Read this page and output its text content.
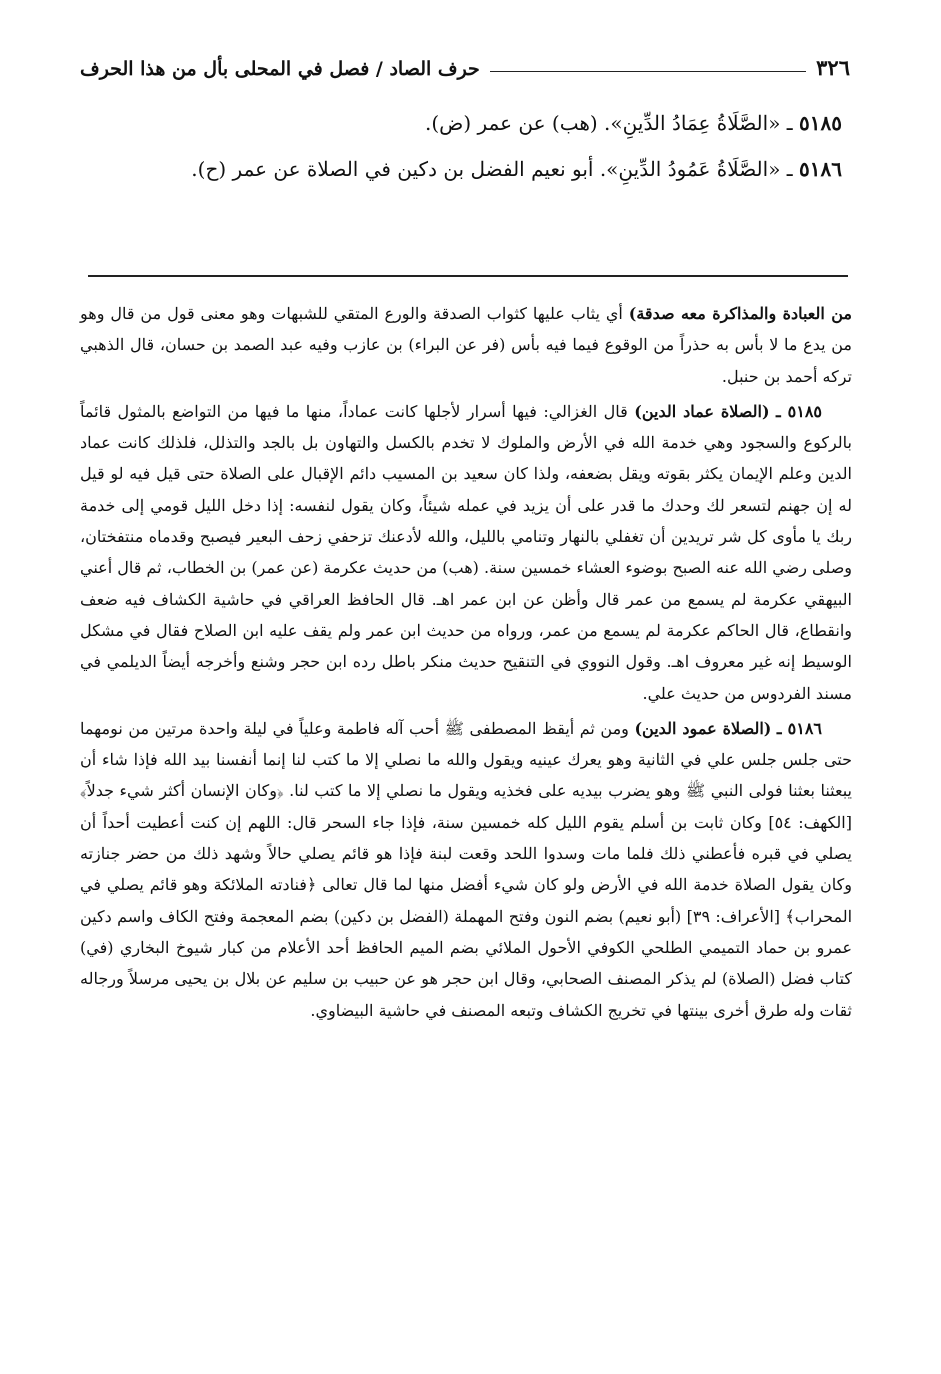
٣٢٦
حرف الصاد / فصل في المحلى بأل من هذا الحرف
٥١٨٥ ـ «الصَّلَاةُ عِمَادُ الدِّينِ». (هب) عن عمر (ض).
٥١٨٦ ـ «الصَّلَاةُ عَمُودُ الدِّينِ». أبو نعيم الفضل بن دكين في الصلاة عن عمر (ح).

من العبادة والمذاكرة معه صدقة) أي يثاب عليها كثواب الصدقة والورع المتقي للشبهات وهو معنى قول من قال وهو من يدع ما لا بأس به حذراً من الوقوع فيما فيه بأس (فر عن البراء) بن عازب وفيه عبد الصمد بن حسان، قال الذهبي تركه أحمد بن حنبل.

٥١٨٥ ـ (الصلاة عماد الدين) قال الغزالي: فيها أسرار لأجلها كانت عماداً، منها ما فيها من التواضع بالمثول قائماً بالركوع والسجود وهي خدمة الله في الأرض والملوك لا تخدم بالكسل والتهاون بل بالجد والتذلل، فلذلك كانت عماد الدين وعلم الإيمان يكثر بقوته ويقل بضعفه، ولذا كان سعيد بن المسيب دائم الإقبال على الصلاة حتى قيل فيه لو قيل له إن جهنم لتسعر لك وحدك ما قدر على أن يزيد في عمله شيئاً، وكان يقول لنفسه: إذا دخل الليل قومي إلى خدمة ربك يا مأوى كل شر تريدين أن تغفلي بالنهار وتنامي بالليل، والله لأدعنك تزحفي زحف البعير فيصبح وقدماه منتفختان، وصلى رضي الله عنه الصبح بوضوء العشاء خمسين سنة. (هب) من حديث عكرمة (عن عمر) بن الخطاب، ثم قال أعني البيهقي عكرمة لم يسمع من عمر قال وأظن عن ابن عمر اهـ. قال الحافظ العراقي في حاشية الكشاف فيه ضعف وانقطاع، قال الحاكم عكرمة لم يسمع من عمر، ورواه من حديث ابن عمر ولم يقف عليه ابن الصلاح فقال في مشكل الوسيط إنه غير معروف اهـ. وقول النووي في التنقيح حديث منكر باطل رده ابن حجر وشنع وأخرجه أيضاً الديلمي في مسند الفردوس من حديث علي.

٥١٨٦ ـ (الصلاة عمود الدين) ومن ثم أيقظ المصطفى ﷺ أحب آله فاطمة وعلياً في ليلة واحدة مرتين من نومهما حتى جلس جلس علي في الثانية وهو يعرك عينيه ويقول والله ما نصلي إلا ما كتب لنا إنما أنفسنا بيد الله فإذا شاء أن يبعثنا بعثنا فولى النبي ﷺ وهو يضرب بيديه على فخذيه ويقول ما نصلي إلا ما كتب لنا. ﴿وكان الإنسان أكثر شيء جدلاً﴾ [الكهف: ٥٤] وكان ثابت بن أسلم يقوم الليل كله خمسين سنة، فإذا جاء السحر قال: اللهم إن كنت أعطيت أحداً أن يصلي في قبره فأعطني ذلك فلما مات وسدوا اللحد وقعت لبنة فإذا هو قائم يصلي حالاً وشهد ذلك من حضر جنازته وكان يقول الصلاة خدمة الله في الأرض ولو كان شيء أفضل منها لما قال تعالى ﴿فنادته الملائكة وهو قائم يصلي في المحراب﴾ [الأعراف: ٣٩] (أبو نعيم) بضم النون وفتح المهملة (الفضل بن دكين) بضم المعجمة وفتح الكاف واسم دكين عمرو بن حماد التميمي الطلحي الكوفي الأحول الملائي بضم الميم الحافظ أحد الأعلام من كبار شيوخ البخاري (في) كتاب فضل (الصلاة) لم يذكر المصنف الصحابي، وقال ابن حجر هو عن حبيب بن سليم عن بلال بن يحيى مرسلاً ورجاله ثقات وله طرق أخرى بينتها في تخريج الكشاف وتبعه المصنف في حاشية البيضاوي.
